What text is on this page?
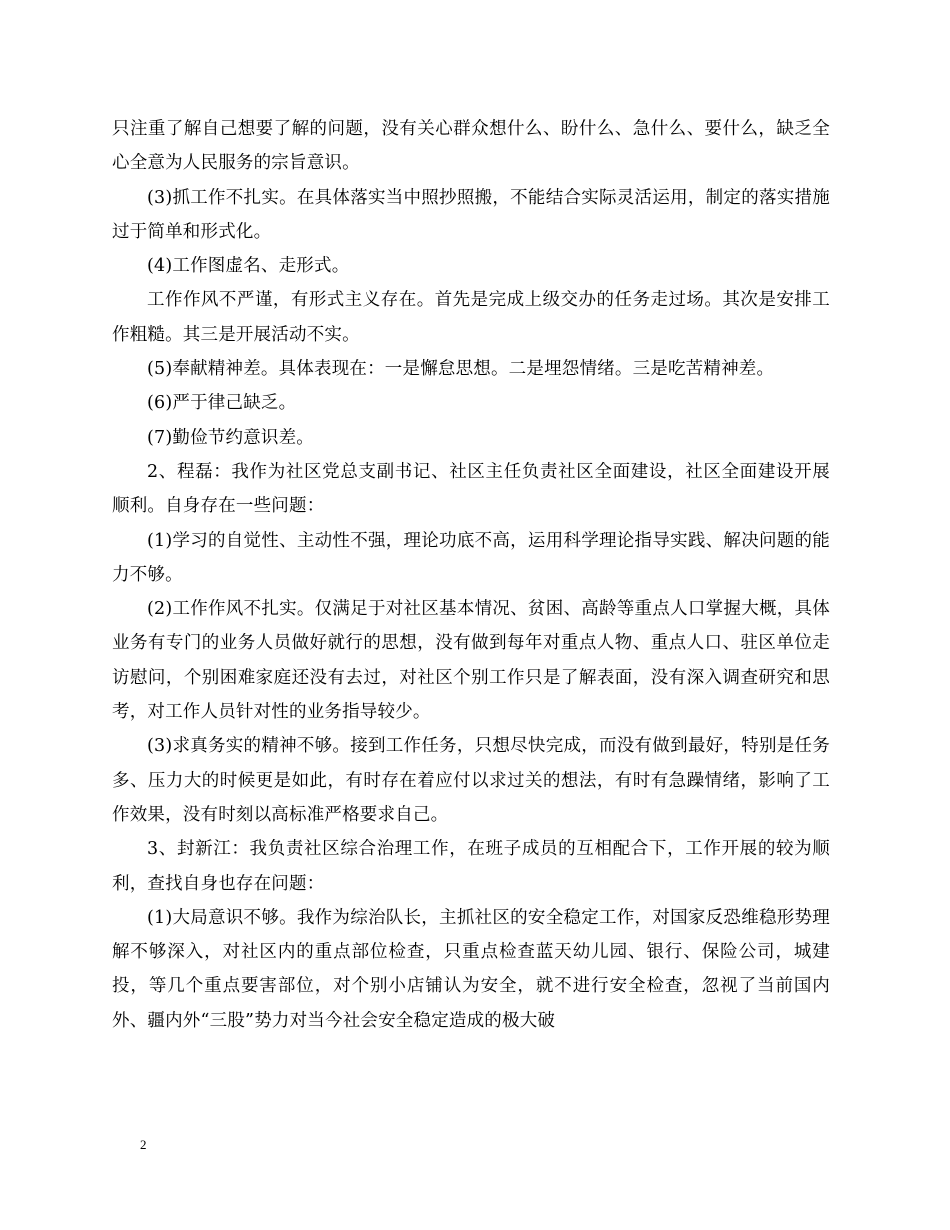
只注重了解自己想要了解的问题，没有关心群众想什么、盼什么、急什么、要什么，缺乏全心全意为人民服务的宗旨意识。

(3)抓工作不扎实。在具体落实当中照抄照搬，不能结合实际灵活运用，制定的落实措施过于简单和形式化。

(4)工作图虚名、走形式。

工作作风不严谨，有形式主义存在。首先是完成上级交办的任务走过场。其次是安排工作粗糙。其三是开展活动不实。

(5)奉献精神差。具体表现在：一是懈怠思想。二是埋怨情绪。三是吃苦精神差。

(6)严于律己缺乏。

(7)勤俭节约意识差。

2、程磊：我作为社区党总支副书记、社区主任负责社区全面建设，社区全面建设开展顺利。自身存在一些问题：

(1)学习的自觉性、主动性不强，理论功底不高，运用科学理论指导实践、解决问题的能力不够。

(2)工作作风不扎实。仅满足于对社区基本情况、贫困、高龄等重点人口掌握大概，具体业务有专门的业务人员做好就行的思想，没有做到每年对重点人物、重点人口、驻区单位走访慰问，个别困难家庭还没有去过，对社区个别工作只是了解表面，没有深入调查研究和思考，对工作人员针对性的业务指导较少。

(3)求真务实的精神不够。接到工作任务，只想尽快完成，而没有做到最好，特别是任务多、压力大的时候更是如此，有时存在着应付以求过关的想法，有时有急躁情绪，影响了工作效果，没有时刻以高标准严格要求自己。

3、封新江：我负责社区综合治理工作，在班子成员的互相配合下，工作开展的较为顺利，查找自身也存在问题：

(1)大局意识不够。我作为综治队长，主抓社区的安全稳定工作，对国家反恐维稳形势理解不够深入，对社区内的重点部位检查，只重点检查蓝天幼儿园、银行、保险公司，城建投，等几个重点要害部位，对个别小店铺认为安全，就不进行安全检查，忽视了当前国内外、疆内外“三股”势力对当今社会安全稳定造成的极大破

2
